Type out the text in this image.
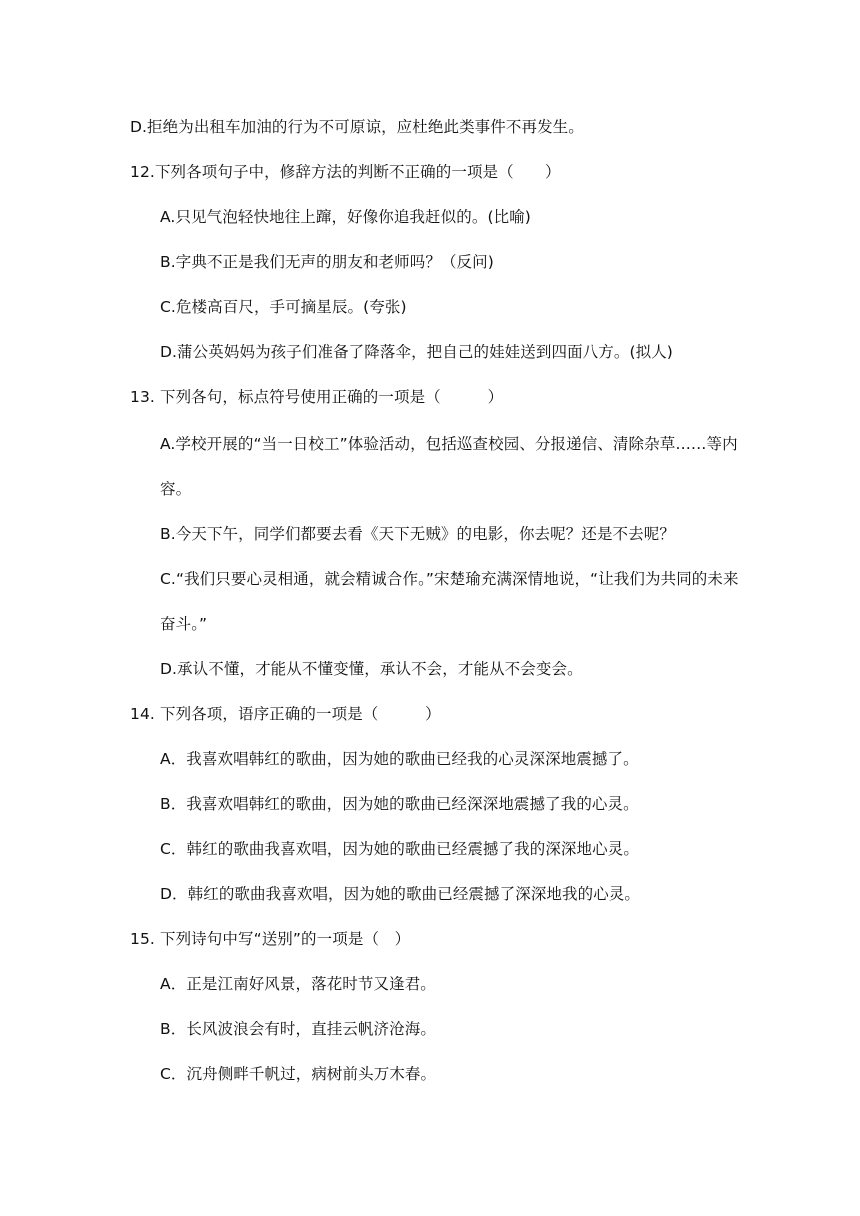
D.拒绝为出租车加油的行为不可原谅，应杜绝此类事件不再发生。
12.下列各项句子中，修辞方法的判断不正确的一项是（　　）
A.只见气泡轻快地往上蹿，好像你追我赶似的。(比喻)
B.字典不正是我们无声的朋友和老师吗？（反问)
C.危楼高百尺，手可摘星辰。(夸张)
D.蒲公英妈妈为孩子们准备了降落伞，把自己的娃娃送到四面八方。(拟人)
13. 下列各句，标点符号使用正确的一项是（　　　）
A.学校开展的“当一日校工”体验活动，包括巡查校园、分报递信、清除杂草……等内
容。
B.今天下午，同学们都要去看《天下无贼》的电影，你去呢？还是不去呢？
C.“我们只要心灵相通，就会精诚合作。”宋楚瑜充满深情地说，“让我们为共同的未来
奋斗。”
D.承认不懂，才能从不懂变懂，承认不会，才能从不会变会。
14. 下列各项，语序正确的一项是（　　　）
A．我喜欢唱韩红的歌曲，因为她的歌曲已经我的心灵深深地震撼了。
B．我喜欢唱韩红的歌曲，因为她的歌曲已经深深地震撼了我的心灵。
C．韩红的歌曲我喜欢唱，因为她的歌曲已经震撼了我的深深地心灵。
D．韩红的歌曲我喜欢唱，因为她的歌曲已经震撼了深深地我的心灵。
15. 下列诗句中写“送别”的一项是（　）
A．正是江南好风景，落花时节又逢君。
B．长风波浪会有时，直挂云帆济沧海。
C．沉舟侧畔千帆过，病树前头万木春。
